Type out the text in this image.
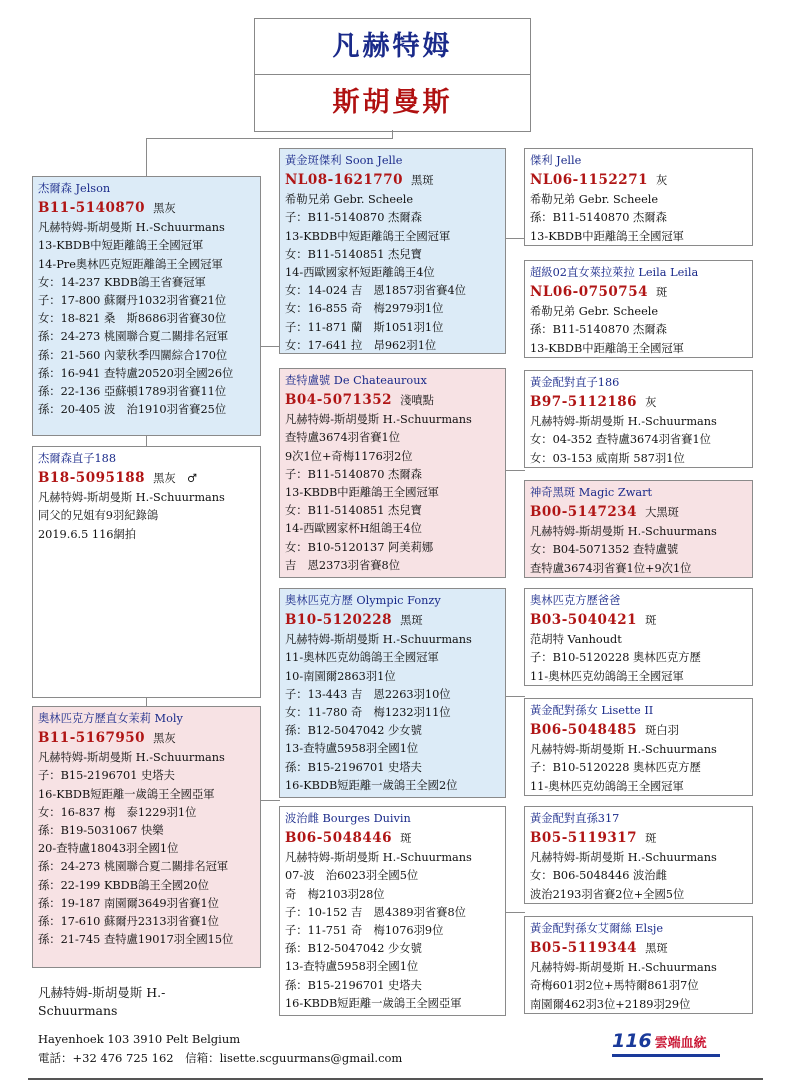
凡赫特姆
斯胡曼斯
杰爾森 Jelson
B11-5140870 黑灰
凡赫特姆-斯胡曼斯 H.-Schuurmans
13-KBDB中短距離鴿王全國冠軍
14-Pre奧林匹克短距離鴿王全國冠軍
女：14-237 KBDB鴿王省賽冠軍
子：17-800 蘇爾丹1032羽省賽21位
女：18-821 桑　斯8686羽省賽30位
孫：24-273 桃園聯合夏二關排名冠軍
孫：21-560 內蒙秋季四關綜合170位
孫：16-941 查特盧20520羽全國26位
孫：22-136 亞蘇頓1789羽省賽11位
孫：20-405 波　治1910羽省賽25位
杰爾森直子188
B18-5095188 黑灰　♂
凡赫特姆-斯胡曼斯 H.-Schuurmans
同父的兄姐有9羽紀錄鴿
2019.6.5 116網拍
奧林匹克方歷直女茉莉 Moly
B11-5167950 黑灰
凡赫特姆-斯胡曼斯 H.-Schuurmans
子：B15-2196701 史塔夫
16-KBDB短距離一歲鴿王全國亞軍
女：16-837 梅　泰1229羽1位
孫：B19-5031067 快樂
20-查特盧18043羽全國1位
孫：24-273 桃園聯合夏二關排名冠軍
孫：22-199 KBDB鴿王全國20位
孫：19-187 南園爾3649羽省賽1位
孫：17-610 蘇爾丹2313羽省賽1位
孫：21-745 查特盧19017羽全國15位
黃金斑傑利 Soon Jelle
NL08-1621770 黑斑
希勒兄弟 Gebr. Scheele
子：B11-5140870 杰爾森
13-KBDB中短距離鴿王全國冠軍
女：B11-5140851 杰兒寶
14-西歐國家杯短距離鴿王4位
女：14-024 吉　恩1857羽省賽4位
女：16-855 奇　梅2979羽1位
子：11-871 蘭　斯1051羽1位
女：17-641 拉　昂962羽1位
查特盧號 De Chateauroux
B04-5071352 淺噴點
凡赫特姆-斯胡曼斯 H.-Schuurmans
查特盧3674羽省賽1位
9次1位+奇梅1176羽2位
子：B11-5140870 杰爾森
13-KBDB中距離鴿王全國冠軍
女：B11-5140851 杰兒寶
14-西歐國家杯H組鴿王4位
女：B10-5120137 阿美莉娜
吉　恩2373羽省賽8位
奧林匹克方歷 Olympic Fonzy
B10-5120228 黑斑
凡赫特姆-斯胡曼斯 H.-Schuurmans
11-奧林匹克幼鴿鴿王全國冠軍
10-南園爾2863羽1位
子：13-443 吉　恩2263羽10位
女：11-780 奇　梅1232羽11位
孫：B12-5047042 少女號
13-查特盧5958羽全國1位
孫：B15-2196701 史塔夫
16-KBDB短距離一歲鴿王全國2位
波治雌 Bourges Duivin
B06-5048446 斑
凡赫特姆-斯胡曼斯 H.-Schuurmans
07-波　治6023羽全國5位
奇　梅2103羽28位
子：10-152 吉　恩4389羽省賽8位
子：11-751 奇　梅1076羽9位
孫：B12-5047042 少女號
13-查特盧5958羽全國1位
孫：B15-2196701 史塔夫
16-KBDB短距離一歲鴿王全國亞軍
傑利 Jelle
NL06-1152271 灰
希勒兄弟 Gebr. Scheele
孫：B11-5140870 杰爾森
13-KBDB中距離鴿王全國冠軍
超級02直女萊拉萊拉 Leila Leila
NL06-0750754 斑
希勒兄弟 Gebr. Scheele
孫：B11-5140870 杰爾森
13-KBDB中距離鴿王全國冠軍
黃金配對直子186
B97-5112186 灰
凡赫特姆-斯胡曼斯 H.-Schuurmans
女：04-352 查特盧3674羽省賽1位
女：03-153 威南斯 587羽1位
神奇黑斑 Magic Zwart
B00-5147234 大黑斑
凡赫特姆-斯胡曼斯 H.-Schuurmans
女：B04-5071352 查特盧號
查特盧3674羽省賽1位+9次1位
奧林匹克方歷爸爸
B03-5040421 斑
范胡特 Vanhoudt
子：B10-5120228 奧林匹克方歷
11-奧林匹克幼鴿鴿王全國冠軍
黃金配對孫女 Lisette II
B06-5048485 斑白羽
凡赫特姆-斯胡曼斯 H.-Schuurmans
子：B10-5120228 奧林匹克方歷
11-奧林匹克幼鴿鴿王全國冠軍
黃金配對直孫317
B05-5119317 斑
凡赫特姆-斯胡曼斯 H.-Schuurmans
女：B06-5048446 波治雌
波治2193羽省賽2位+全國5位
黃金配對孫女艾爾絲 Elsje
B05-5119344 黑斑
凡赫特姆-斯胡曼斯 H.-Schuurmans
奇梅601羽2位+馬特爾861羽7位
南園爾462羽3位+2189羽29位
凡赫特姆-斯胡曼斯 H.-
Schuurmans
Hayenhoek 103 3910 Pelt Belgium
電話：+32 476 725 162　信箱：lisette.scguurmans@gmail.com
116 雲端血統
